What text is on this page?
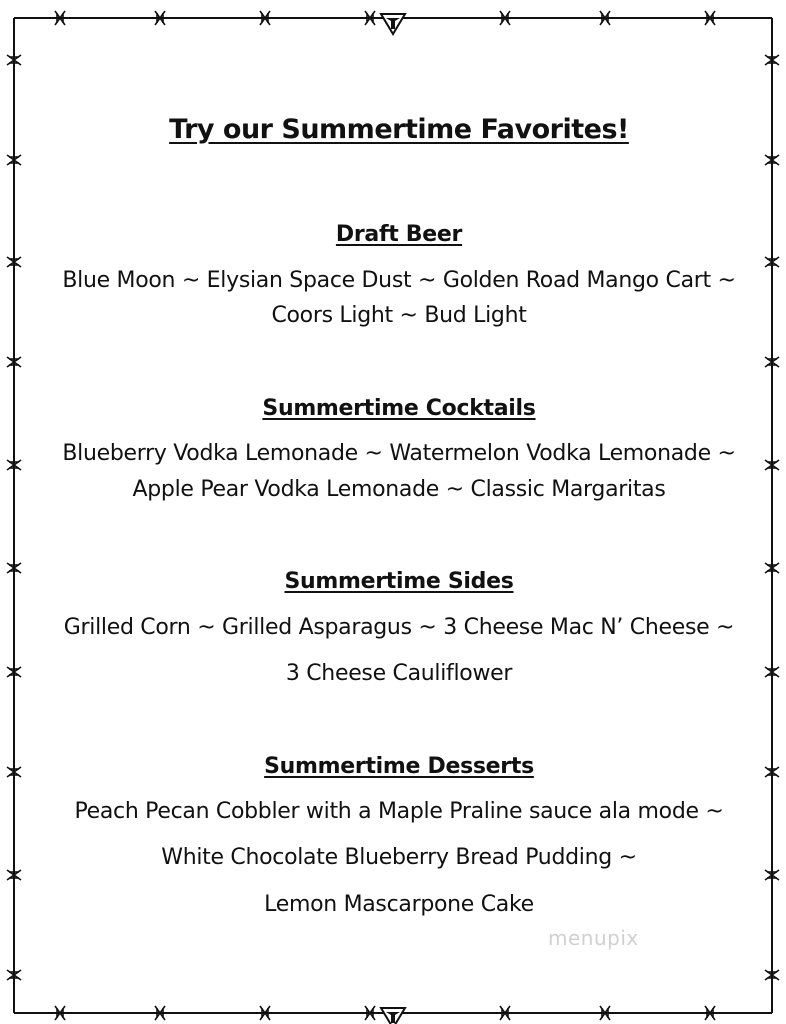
Try our Summertime Favorites!
Draft Beer
Blue Moon ~ Elysian Space Dust ~ Golden Road Mango Cart ~
Coors Light ~ Bud Light
Summertime Cocktails
Blueberry Vodka Lemonade ~ Watermelon Vodka Lemonade ~
Apple Pear Vodka Lemonade ~ Classic Margaritas
Summertime Sides
Grilled Corn ~ Grilled Asparagus ~ 3 Cheese Mac N’ Cheese ~
3 Cheese Cauliflower
Summertime Desserts
Peach Pecan Cobbler with a Maple Praline sauce ala mode ~
White Chocolate Blueberry Bread Pudding ~
Lemon Mascarpone Cake
menupix
